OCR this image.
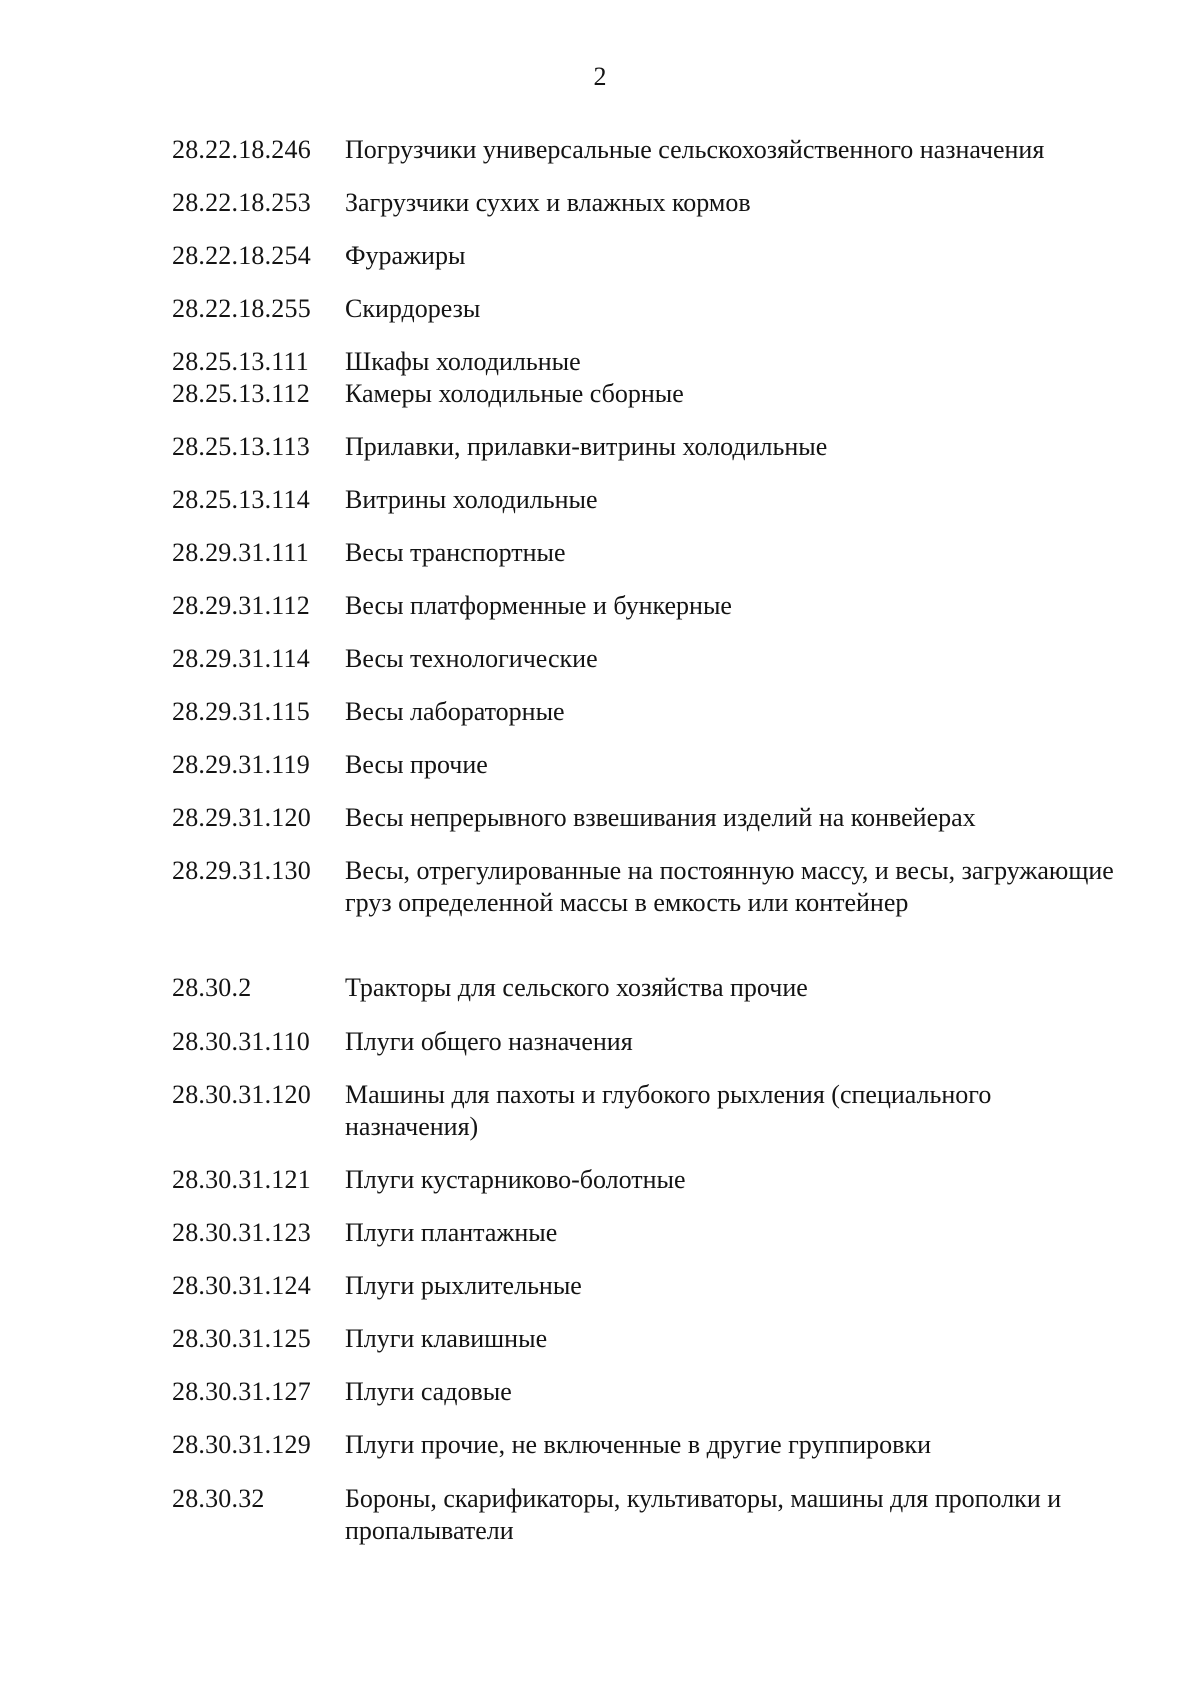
2
28.22.18.246 Погрузчики универсальные сельскохозяйственного назначения
28.22.18.253 Загрузчики сухих и влажных кормов
28.22.18.254 Фуражиры
28.22.18.255 Скирдорезы
28.25.13.111 Шкафы холодильные
28.25.13.112 Камеры холодильные сборные
28.25.13.113 Прилавки, прилавки-витрины холодильные
28.25.13.114 Витрины холодильные
28.29.31.111 Весы транспортные
28.29.31.112 Весы платформенные и бункерные
28.29.31.114 Весы технологические
28.29.31.115 Весы лабораторные
28.29.31.119 Весы прочие
28.29.31.120 Весы непрерывного взвешивания изделий на конвейерах
28.29.31.130 Весы, отрегулированные на постоянную массу, и весы, загружающие груз определенной массы в емкость или контейнер
28.30.2	Тракторы для сельского хозяйства прочие
28.30.31.110 Плуги общего назначения
28.30.31.120 Машины для пахоты и глубокого рыхления (специального назначения)
28.30.31.121 Плуги кустарниково-болотные
28.30.31.123 Плуги плантажные
28.30.31.124 Плуги рыхлительные
28.30.31.125 Плуги клавишные
28.30.31.127 Плуги садовые
28.30.31.129 Плуги прочие, не включенные в другие группировки
28.30.32	Бороны, скарификаторы, культиваторы, машины для прополки и пропалыватели
